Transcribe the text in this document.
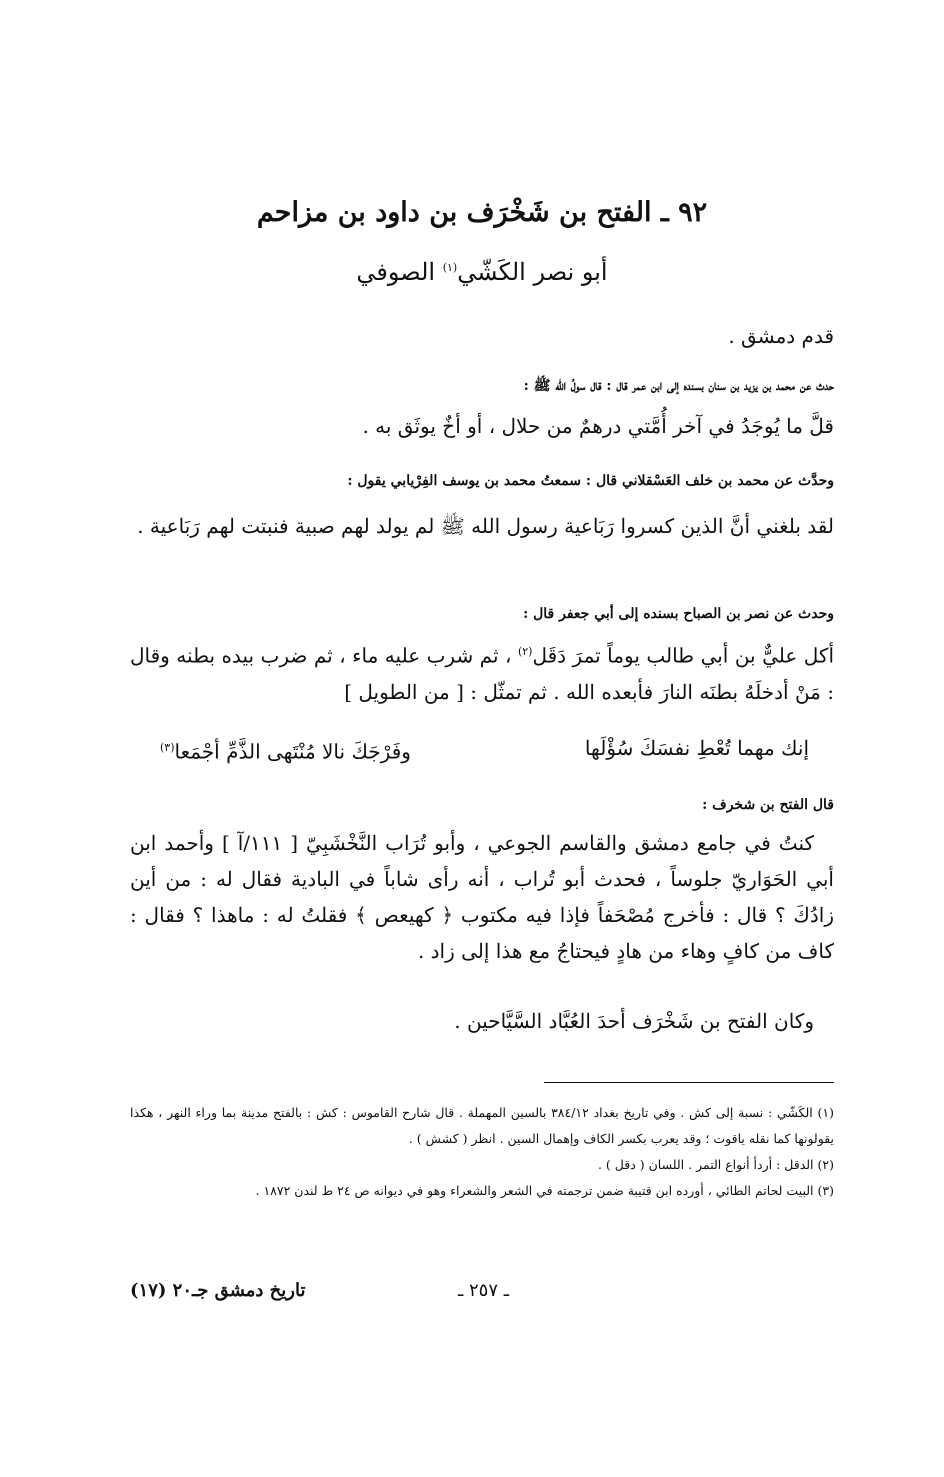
٩٢ ـ الفتح بن شَخْرَف بن داود بن مزاحم
أبو نصر الكَشّي$^{(١)}$ الصوفي
قدم دمشق .
حدث عن محمد بن يزيد بن سنان بسنده إلى ابن عمر قال : قال سولُ الله ﷺ :
قلَّ ما يُوجَدُ في آخر أُمَّتي درهمٌ من حلال ، أو أخٌ يوثَق به .
وحدَّث عن محمد بن خلف العَسْقلاني قال : سمعتُ محمد بن يوسف الفِرْيابي يقول :
لقد بلغني أنَّ الذين كسروا رَبَاعية رسول الله ﷺ لم يولد لهم صبية فنبتت لهم رَبَاعية .
وحدث عن نصر بن الصباح بسنده إلى أبي جعفر قال :
أكل عليٌّ بن أبي طالب يوماً تمرَ دَقَل$^{(٢)}$ ، ثم شرب عليه ماء ، ثم ضرب بيده بطنه وقال : مَنْ أدخلَهُ بطنَه النارَ فأبعده الله . ثم تمثّل : [ من الطويل ]
إنك مهما تُعْطِ نفسَكَ سُؤْلَها
وفَرْجَكَ نالا مُنْتَهى الذَّمِّ أجْمَعا$^{(٣)}$
قال الفتح بن شخرف :
كنتُ في جامع دمشق والقاسم الجوعي ، وأبو تُرَاب النَّخْشَبِيّ [ ١١١/آ ] وأحمد ابن أبي الحَوَاريّ جلوساً ، فحدث أبو تُراب ، أنه رأى شاباً في البادية فقال له : من أين زادُكَ ؟ قال : فأخرج مُصْحَفاً فإذا فيه مكتوب ﴿ كهيعص ﴾ فقلتُ له : ماهذا ؟ فقال : كاف من كافٍ وهاء من هادٍ فيحتاجُ مع هذا إلى زاد .
وكان الفتح بن شَخْرَف أحدَ العُبَّاد السَّيَّاحين .

(١) الكَشّي : نسبة إلى كش . وفي تاريخ بغداد ٣٨٤/١٢ بالسين المهملة . قال شارح القاموس : كش : بالفتح مدينة بما وراء النهر ، هكذا يقولونها كما نقله ياقوت ؛ وقد يعرب بكسر الكاف وإهمال السين . انظر ( كشش ) .

(٢) الدقل : أردأ أنواع التمر . اللسان ( دقل ) .

(٣) البيت لحاتم الطائي ، أورده ابن قتيبة ضمن ترجمته في الشعر والشعراء وهو في ديوانه ص ٢٤ ط لندن ١٨٧٢ .

ـ ٢٥٧ ـ
تاريخ دمشق جـ٢٠ (١٧)
